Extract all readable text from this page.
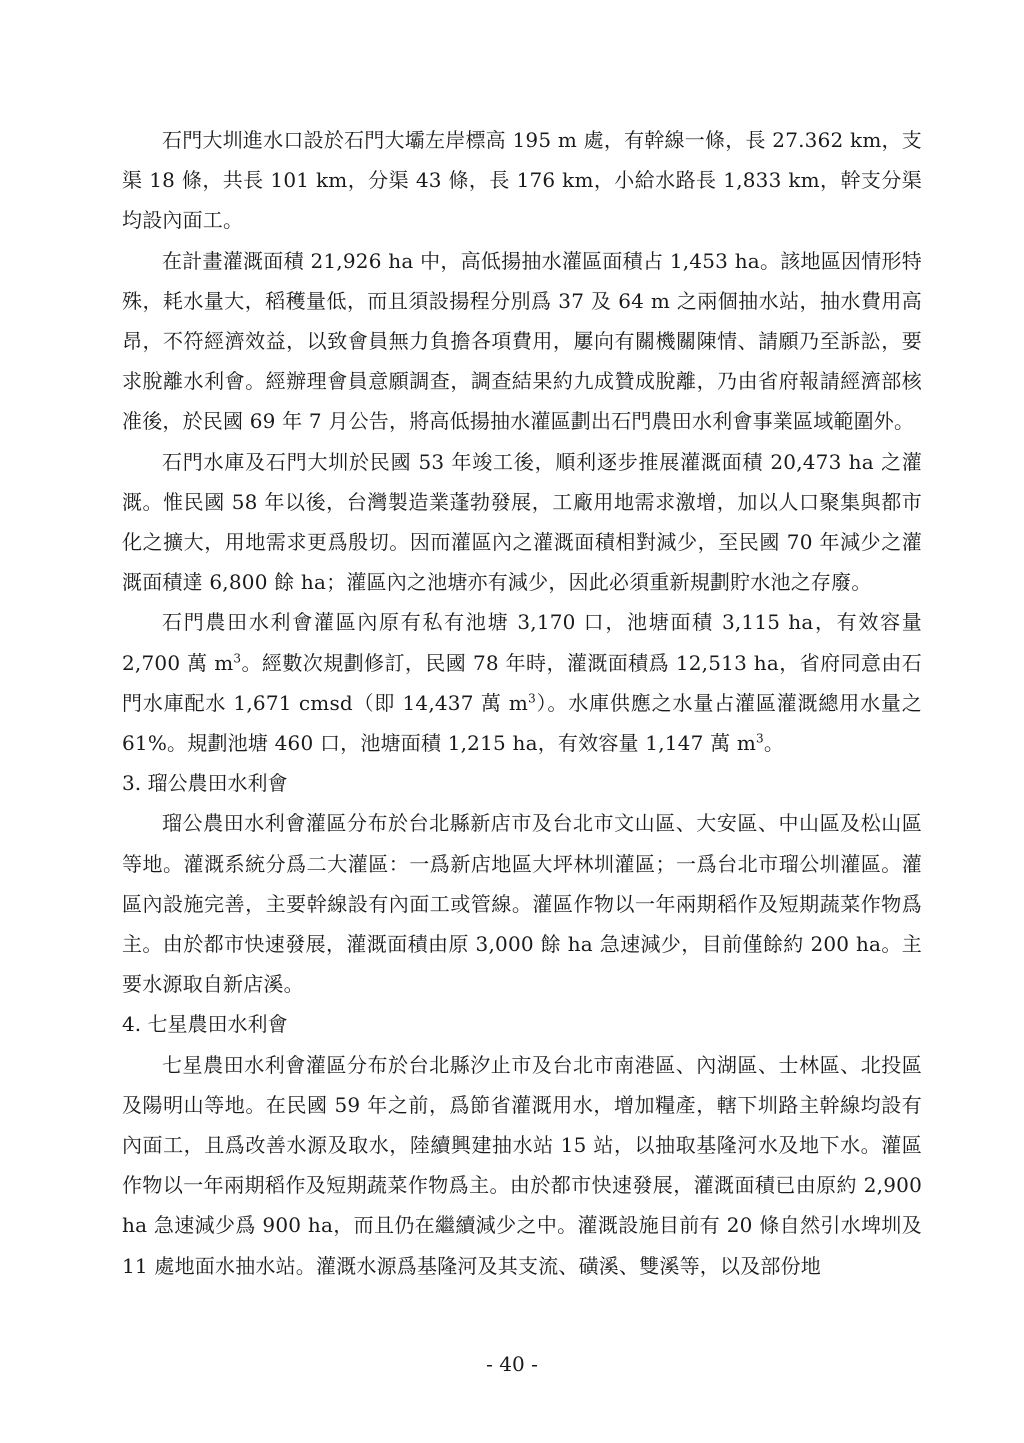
石門大圳進水口設於石門大壩左岸標高 195 m 處，有幹線一條，長 27.362 km，支渠 18 條，共長 101 km，分渠 43 條，長 176 km，小給水路長 1,833 km，幹支分渠均設內面工。

在計畫灌溉面積 21,926 ha 中，高低揚抽水灌區面積占 1,453 ha。該地區因情形特殊，耗水量大，稻穫量低，而且須設揚程分別爲 37 及 64 m 之兩個抽水站，抽水費用高昂，不符經濟效益，以致會員無力負擔各項費用，屢向有關機關陳情、請願乃至訴訟，要求脫離水利會。經辦理會員意願調查，調查結果約九成贊成脫離，乃由省府報請經濟部核准後，於民國 69 年 7 月公告，將高低揚抽水灌區劃出石門農田水利會事業區域範圍外。

石門水庫及石門大圳於民國 53 年竣工後，順利逐步推展灌溉面積 20,473 ha 之灌溉。惟民國 58 年以後，台灣製造業蓬勃發展，工廠用地需求激增，加以人口聚集與都市化之擴大，用地需求更爲殷切。因而灌區內之灌溉面積相對減少，至民國 70 年減少之灌溉面積達 6,800 餘 ha；灌區內之池塘亦有減少，因此必須重新規劃貯水池之存廢。

石門農田水利會灌區內原有私有池塘 3,170 口，池塘面積 3,115 ha，有效容量 2,700 萬 $m^3$。經數次規劃修訂，民國 78 年時，灌溉面積爲 12,513 ha，省府同意由石門水庫配水 1,671 cmsd（即 14,437 萬 $m^3$）。水庫供應之水量占灌區灌溉總用水量之 61%。規劃池塘 460 口，池塘面積 1,215 ha，有效容量 1,147 萬 $m^3$。

3. 瑠公農田水利會

瑠公農田水利會灌區分布於台北縣新店市及台北市文山區、大安區、中山區及松山區等地。灌溉系統分爲二大灌區：一爲新店地區大坪林圳灌區；一爲台北市瑠公圳灌區。灌區內設施完善，主要幹線設有內面工或管線。灌區作物以一年兩期稻作及短期蔬菜作物爲主。由於都市快速發展，灌溉面積由原 3,000 餘 ha 急速減少，目前僅餘約 200 ha。主要水源取自新店溪。

4. 七星農田水利會

七星農田水利會灌區分布於台北縣汐止市及台北市南港區、內湖區、士林區、北投區及陽明山等地。在民國 59 年之前，爲節省灌溉用水，增加糧產，轄下圳路主幹線均設有內面工，且爲改善水源及取水，陸續興建抽水站 15 站，以抽取基隆河水及地下水。灌區作物以一年兩期稻作及短期蔬菜作物爲主。由於都市快速發展，灌溉面積已由原約 2,900 ha 急速減少爲 900 ha，而且仍在繼續減少之中。灌溉設施目前有 20 條自然引水埤圳及 11 處地面水抽水站。灌溉水源爲基隆河及其支流、磺溪、雙溪等，以及部份地

- 40 -
